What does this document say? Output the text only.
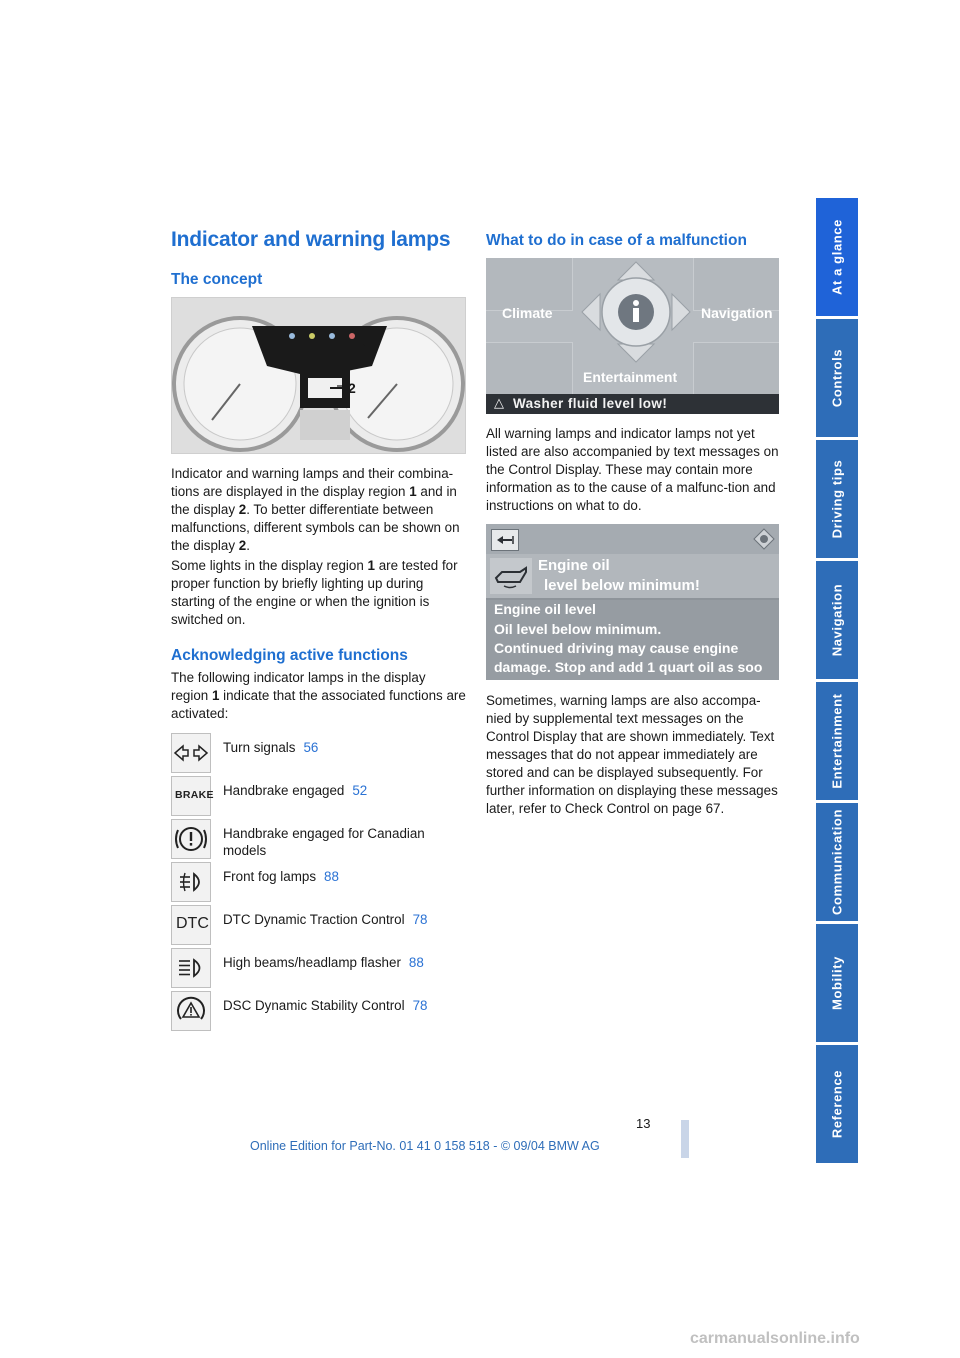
Indicator and warning lamps
The concept
1
2

Indicator and warning lamps and their combina-tions are displayed in the display region 1 and in the display 2. To better differentiate between malfunctions, different symbols can be shown on the display 2.

Some lights in the display region 1 are tested for proper function by briefly lighting up during starting of the engine or when the ignition is switched on.

Acknowledging active functions

The following indicator lamps in the display region 1 indicate that the associated functions are activated:

Turn signals 56
BRAKE Handbrake engaged 52
Handbrake engaged for Canadian models
Front fog lamps 88
DTC DTC Dynamic Traction Control 78
High beams/headlamp flasher 88
DSC Dynamic Stability Control 78
What to do in case of a malfunction
Climate	Navigation
Entertainment
△ Washer fluid level low!

All warning lamps and indicator lamps not yet listed are also accompanied by text messages on the Control Display. These may contain more information as to the cause of a malfunc-tion and instructions on what to do.

Engine oil
level below minimum!
Engine oil level
Oil level below minimum.
Continued driving may cause engine
damage. Stop and add 1 quart oil as soo

Sometimes, warning lamps are also accompa-nied by supplemental text messages on the Control Display that are shown immediately. Text messages that do not appear immediately are stored and can be displayed subsequently. For further information on displaying these messages later, refer to Check Control on page 67.

At a glance
Controls
Driving tips
Navigation
Entertainment
Communication
Mobility
Reference
13
Online Edition for Part-No. 01 41 0 158 518 - © 09/04 BMW AG
carmanualsonline.info
